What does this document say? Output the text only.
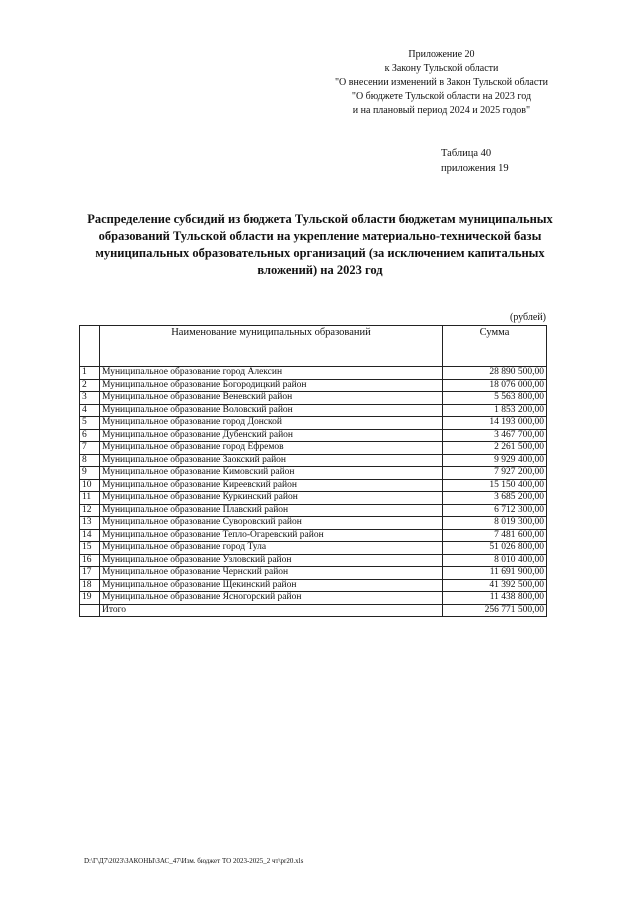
Приложение 20
к Закону Тульской области
"О внесении изменений в Закон Тульской области
"О бюджете Тульской области на 2023 год
и на плановый период 2024 и 2025 годов"
Таблица 40
приложения 19
Распределение субсидий из бюджета Тульской области бюджетам муниципальных образований Тульской области на укрепление материально-технической базы муниципальных образовательных организаций (за исключением капитальных вложений) на 2023 год
(рублей)
	Наименование муниципальных образований	Сумма
1	Муниципальное образование город Алексин	28 890 500,00
2	Муниципальное образование Богородицкий район	18 076 000,00
3	Муниципальное образование Веневский район	5 563 800,00
4	Муниципальное образование Воловский район	1 853 200,00
5	Муниципальное образование город Донской	14 193 000,00
6	Муниципальное образование Дубенский район	3 467 700,00
7	Муниципальное образование город Ефремов	2 261 500,00
8	Муниципальное образование Заокский район	9 929 400,00
9	Муниципальное образование Кимовский район	7 927 200,00
10	Муниципальное образование Киреевский район	15 150 400,00
11	Муниципальное образование Куркинский район	3 685 200,00
12	Муниципальное образование Плавский район	6 712 300,00
13	Муниципальное образование Суворовский район	8 019 300,00
14	Муниципальное образование Тепло-Огаревский район	7 481 600,00
15	Муниципальное образование город Тула	51 026 800,00
16	Муниципальное образование Узловский район	8 010 400,00
17	Муниципальное образование Чернский район	11 691 900,00
18	Муниципальное образование Щекинский район	41 392 500,00
19	Муниципальное образование Ясногорский район	11 438 800,00
	Итого	256 771 500,00
D:\Г\Д7\2023\ЗАКОНЫ\ЗАС_47\Изм. бюджет ТО 2023-2025_2 чт\pr20.xls
